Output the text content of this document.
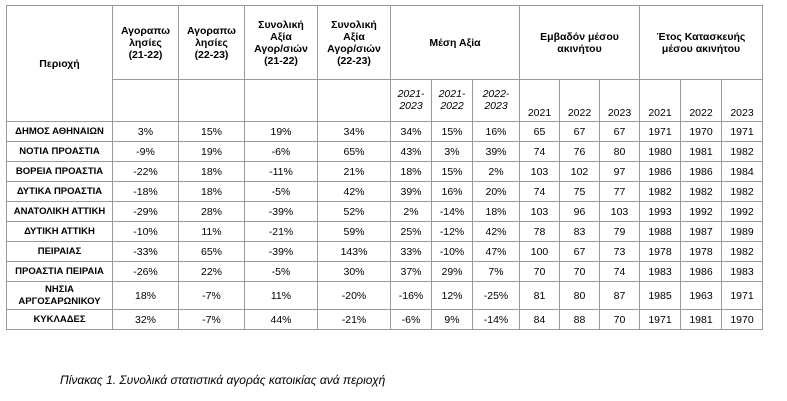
Περιοχή	Αγοραπω
λησίες
(21-22)	Αγοραπω
λησίες
(22-23)	Συνολική
Αξία
Αγορ/σιών
(21-22)	Συνολική
Αξία
Αγορ/σιών
(22-23)	Μέση Αξία			Εμβαδόν μέσου
ακινήτου			Έτος Κατασκευής
μέσου ακινήτου		
					2021-
2023	2021-
2022	2022-
2023	2021	2022	2023	2021	2022	2023
ΔΗΜΟΣ ΑΘΗΝΑΙΩΝ	3%	15%	19%	34%	34%	15%	16%	65	67	67	1971	1970	1971
ΝΟΤΙΑ ΠΡΟΑΣΤΙΑ	-9%	19%	-6%	65%	43%	3%	39%	74	76	80	1980	1981	1982
ΒΟΡΕΙΑ ΠΡΟΑΣΤΙΑ	-22%	18%	-11%	21%	18%	15%	2%	103	102	97	1986	1986	1984
ΔΥΤΙΚΑ ΠΡΟΑΣΤΙΑ	-18%	18%	-5%	42%	39%	16%	20%	74	75	77	1982	1982	1982
ΑΝΑΤΟΛΙΚΗ ΑΤΤΙΚΗ	-29%	28%	-39%	52%	2%	-14%	18%	103	96	103	1993	1992	1992
ΔΥΤΙΚΗ ΑΤΤΙΚΗ	-10%	11%	-21%	59%	25%	-12%	42%	78	83	79	1988	1987	1989
ΠΕΙΡΑΙΑΣ	-33%	65%	-39%	143%	33%	-10%	47%	100	67	73	1978	1978	1982
ΠΡΟΑΣΤΙΑ ΠΕΙΡΑΙΑ	-26%	22%	-5%	30%	37%	29%	7%	70	70	74	1983	1986	1983
ΝΗΣΙΑ
ΑΡΓΟΣΑΡΩΝΙΚΟΥ	18%	-7%	11%	-20%	-16%	12%	-25%	81	80	87	1985	1963	1971
ΚΥΚΛΑΔΕΣ	32%	-7%	44%	-21%	-6%	9%	-14%	84	88	70	1971	1981	1970
Πίνακας 1. Συνολικά στατιστικά αγοράς κατοικίας ανά περιοχή
